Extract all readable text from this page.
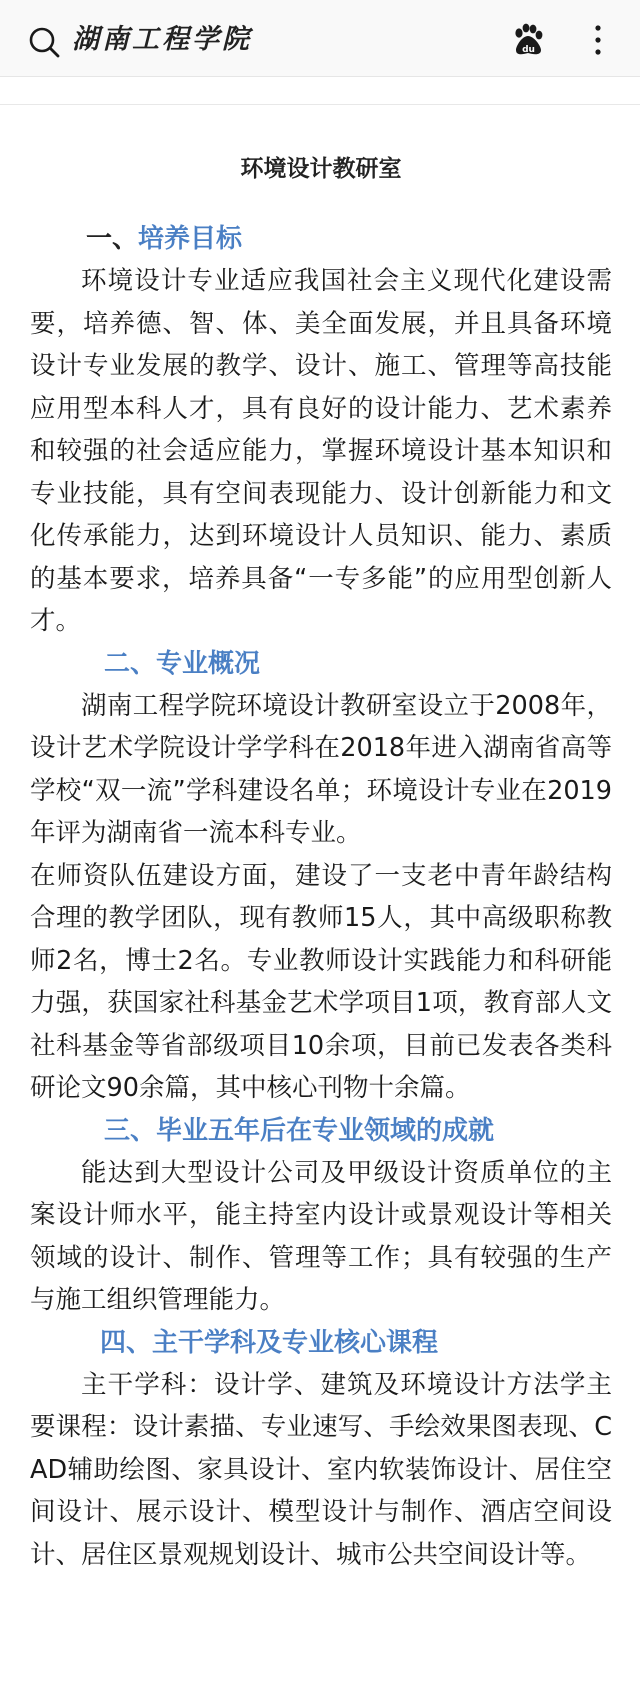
湖南工程学院	du
环境设计教研室
一、培养目标

环境设计专业适应我国社会主义现代化建设需要，培养德、智、体、美全面发展，并且具备环境设计专业发展的教学、设计、施工、管理等高技能应用型本科人才，具有良好的设计能力、艺术素养和较强的社会适应能力，掌握环境设计基本知识和专业技能，具有空间表现能力、设计创新能力和文化传承能力，达到环境设计人员知识、能力、素质的基本要求，培养具备“一专多能”的应用型创新人才。

二、专业概况

湖南工程学院环境设计教研室设立于2008年，设计艺术学院设计学学科在2018年进入湖南省高等学校“双一流”学科建设名单；环境设计专业在2019年评为湖南省一流本科专业。

在师资队伍建设方面，建设了一支老中青年龄结构合理的教学团队，现有教师15人，其中高级职称教师2名，博士2名。专业教师设计实践能力和科研能力强，获国家社科基金艺术学项目1项，教育部人文社科基金等省部级项目10余项，目前已发表各类科研论文90余篇，其中核心刊物十余篇。

三、毕业五年后在专业领域的成就

能达到大型设计公司及甲级设计资质单位的主案设计师水平，能主持室内设计或景观设计等相关领域的设计、制作、管理等工作；具有较强的生产与施工组织管理能力。

四、主干学科及专业核心课程

主干学科：设计学、建筑及环境设计方法学主要课程：设计素描、专业速写、手绘效果图表现、CAD辅助绘图、家具设计、室内软装饰设计、居住空间设计、展示设计、模型设计与制作、酒店空间设计、居住区景观规划设计、城市公共空间设计等。
